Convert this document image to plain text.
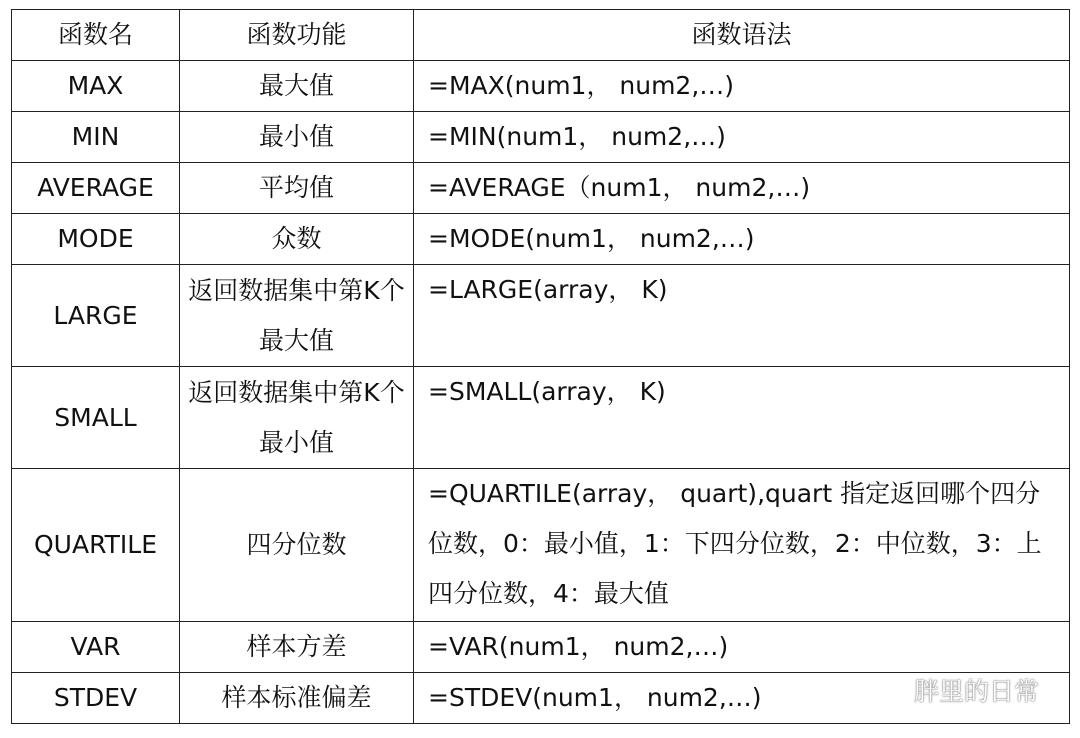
函数名	函数功能	函数语法
MAX	最大值	=MAX(num1， num2,…)
MIN	最小值	=MIN(num1， num2,…)
AVERAGE	平均值	=AVERAGE（num1， num2,…)
MODE	众数	=MODE(num1， num2,…)
LARGE	返回数据集中第K个最大值	=LARGE(array， K)
SMALL	返回数据集中第K个最小值	=SMALL(array， K)
QUARTILE	四分位数	=QUARTILE(array， quart),quart 指定返回哪个四分位数，0：最小值，1：下四分位数，2：中位数，3：上四分位数，4：最大值
VAR	样本方差	=VAR(num1， num2,…)
STDEV	样本标准偏差	=STDEV(num1， num2,…)	胖里的日常
